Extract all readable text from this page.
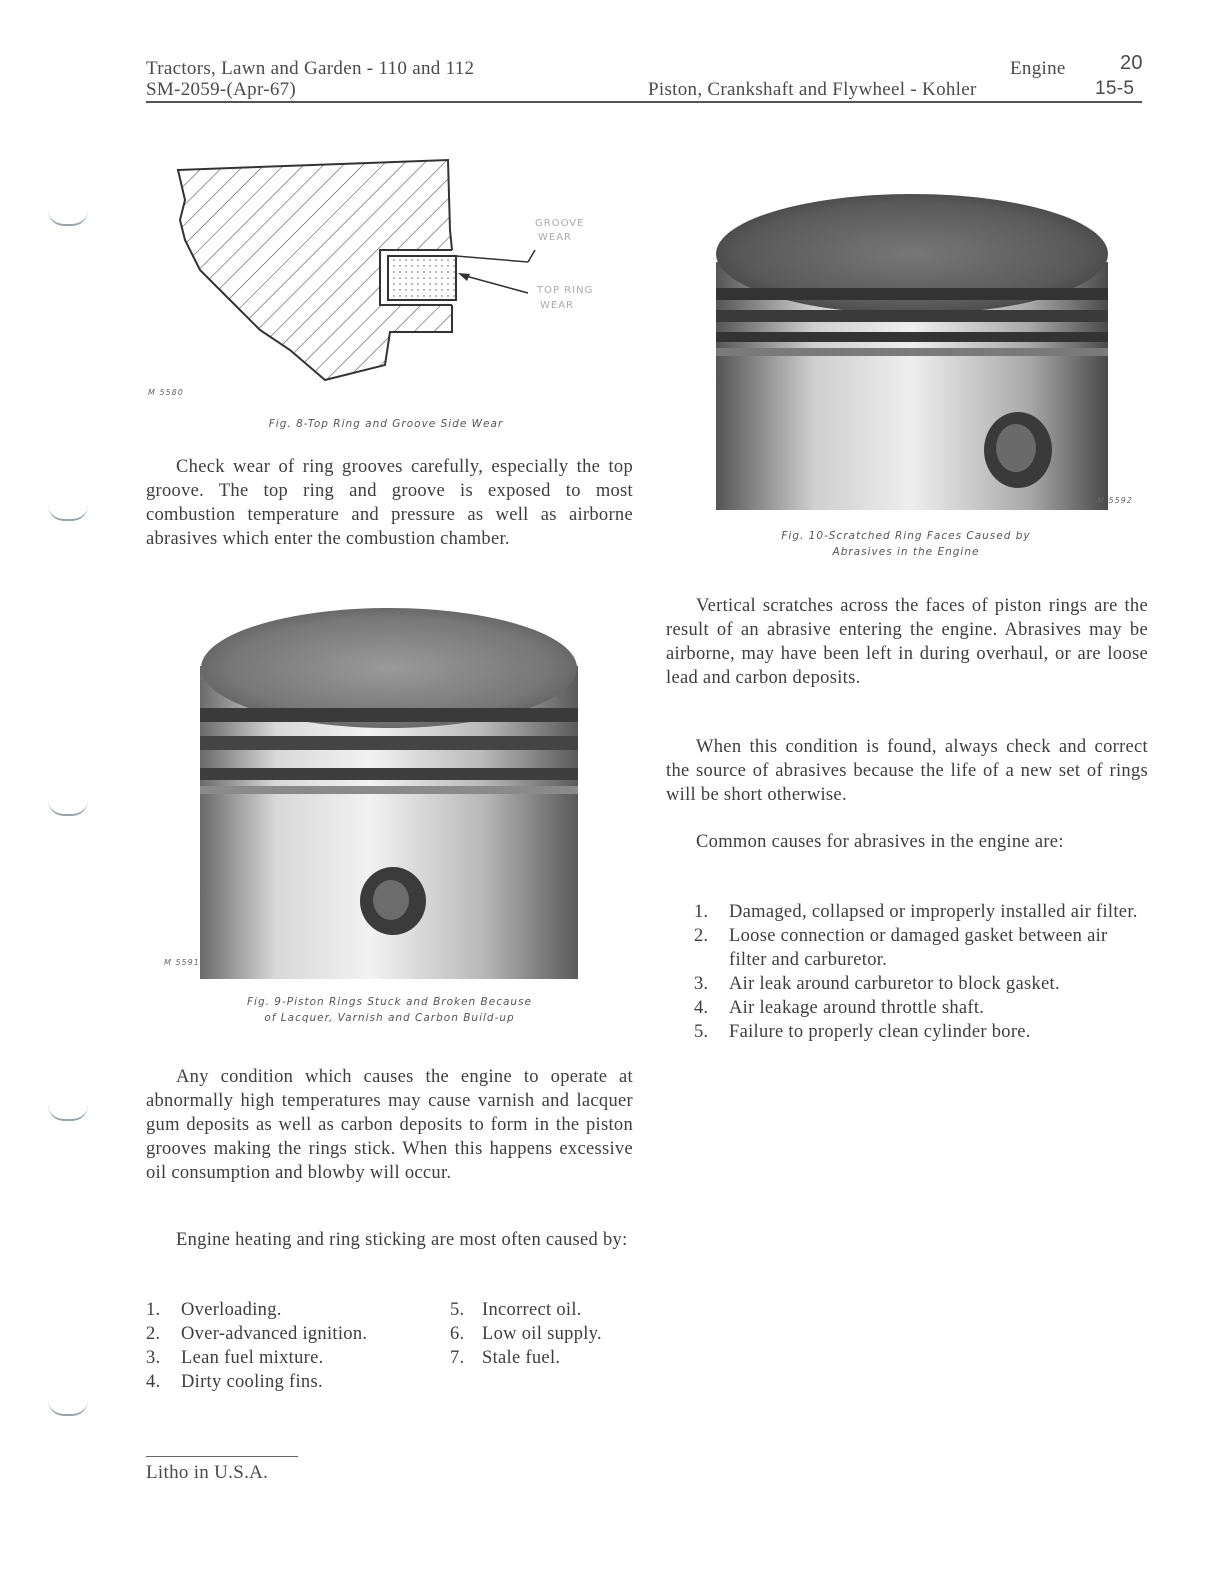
Tractors, Lawn and Garden - 110 and 112
SM-2059-(Apr-67)
Engine	20
Piston, Crankshaft and Flywheel - Kohler	15-5
GROOVE
WEAR
TOP RING
WEAR
M 5580
Fig. 8-Top Ring and Groove Side Wear
Check wear of ring grooves carefully, especially the top groove. The top ring and groove is exposed to most combustion temperature and pressure as well as airborne abrasives which enter the combustion chamber.
M 5591
Fig. 9-Piston Rings Stuck and Broken Because
of Lacquer, Varnish and Carbon Build-up
Any condition which causes the engine to operate at abnormally high temperatures may cause varnish and lacquer gum deposits as well as carbon deposits to form in the piston grooves making the rings stick. When this happens excessive oil consumption and blowby will occur.
Engine heating and ring sticking are most often caused by:
1. Overloading.
2. Over-advanced ignition.
3. Lean fuel mixture.
4. Dirty cooling fins.
5. Incorrect oil.
6. Low oil supply.
7. Stale fuel.
Litho in U.S.A.
M 5592
Fig. 10-Scratched Ring Faces Caused by
Abrasives in the Engine
Vertical scratches across the faces of piston rings are the result of an abrasive entering the engine. Abrasives may be airborne, may have been left in during overhaul, or are loose lead and carbon deposits.
When this condition is found, always check and correct the source of abrasives because the life of a new set of rings will be short otherwise.
Common causes for abrasives in the engine are:
1. Damaged, collapsed or improperly installed air filter.
2. Loose connection or damaged gasket between air filter and carburetor.
3. Air leak around carburetor to block gasket.
4. Air leakage around throttle shaft.
5. Failure to properly clean cylinder bore.
